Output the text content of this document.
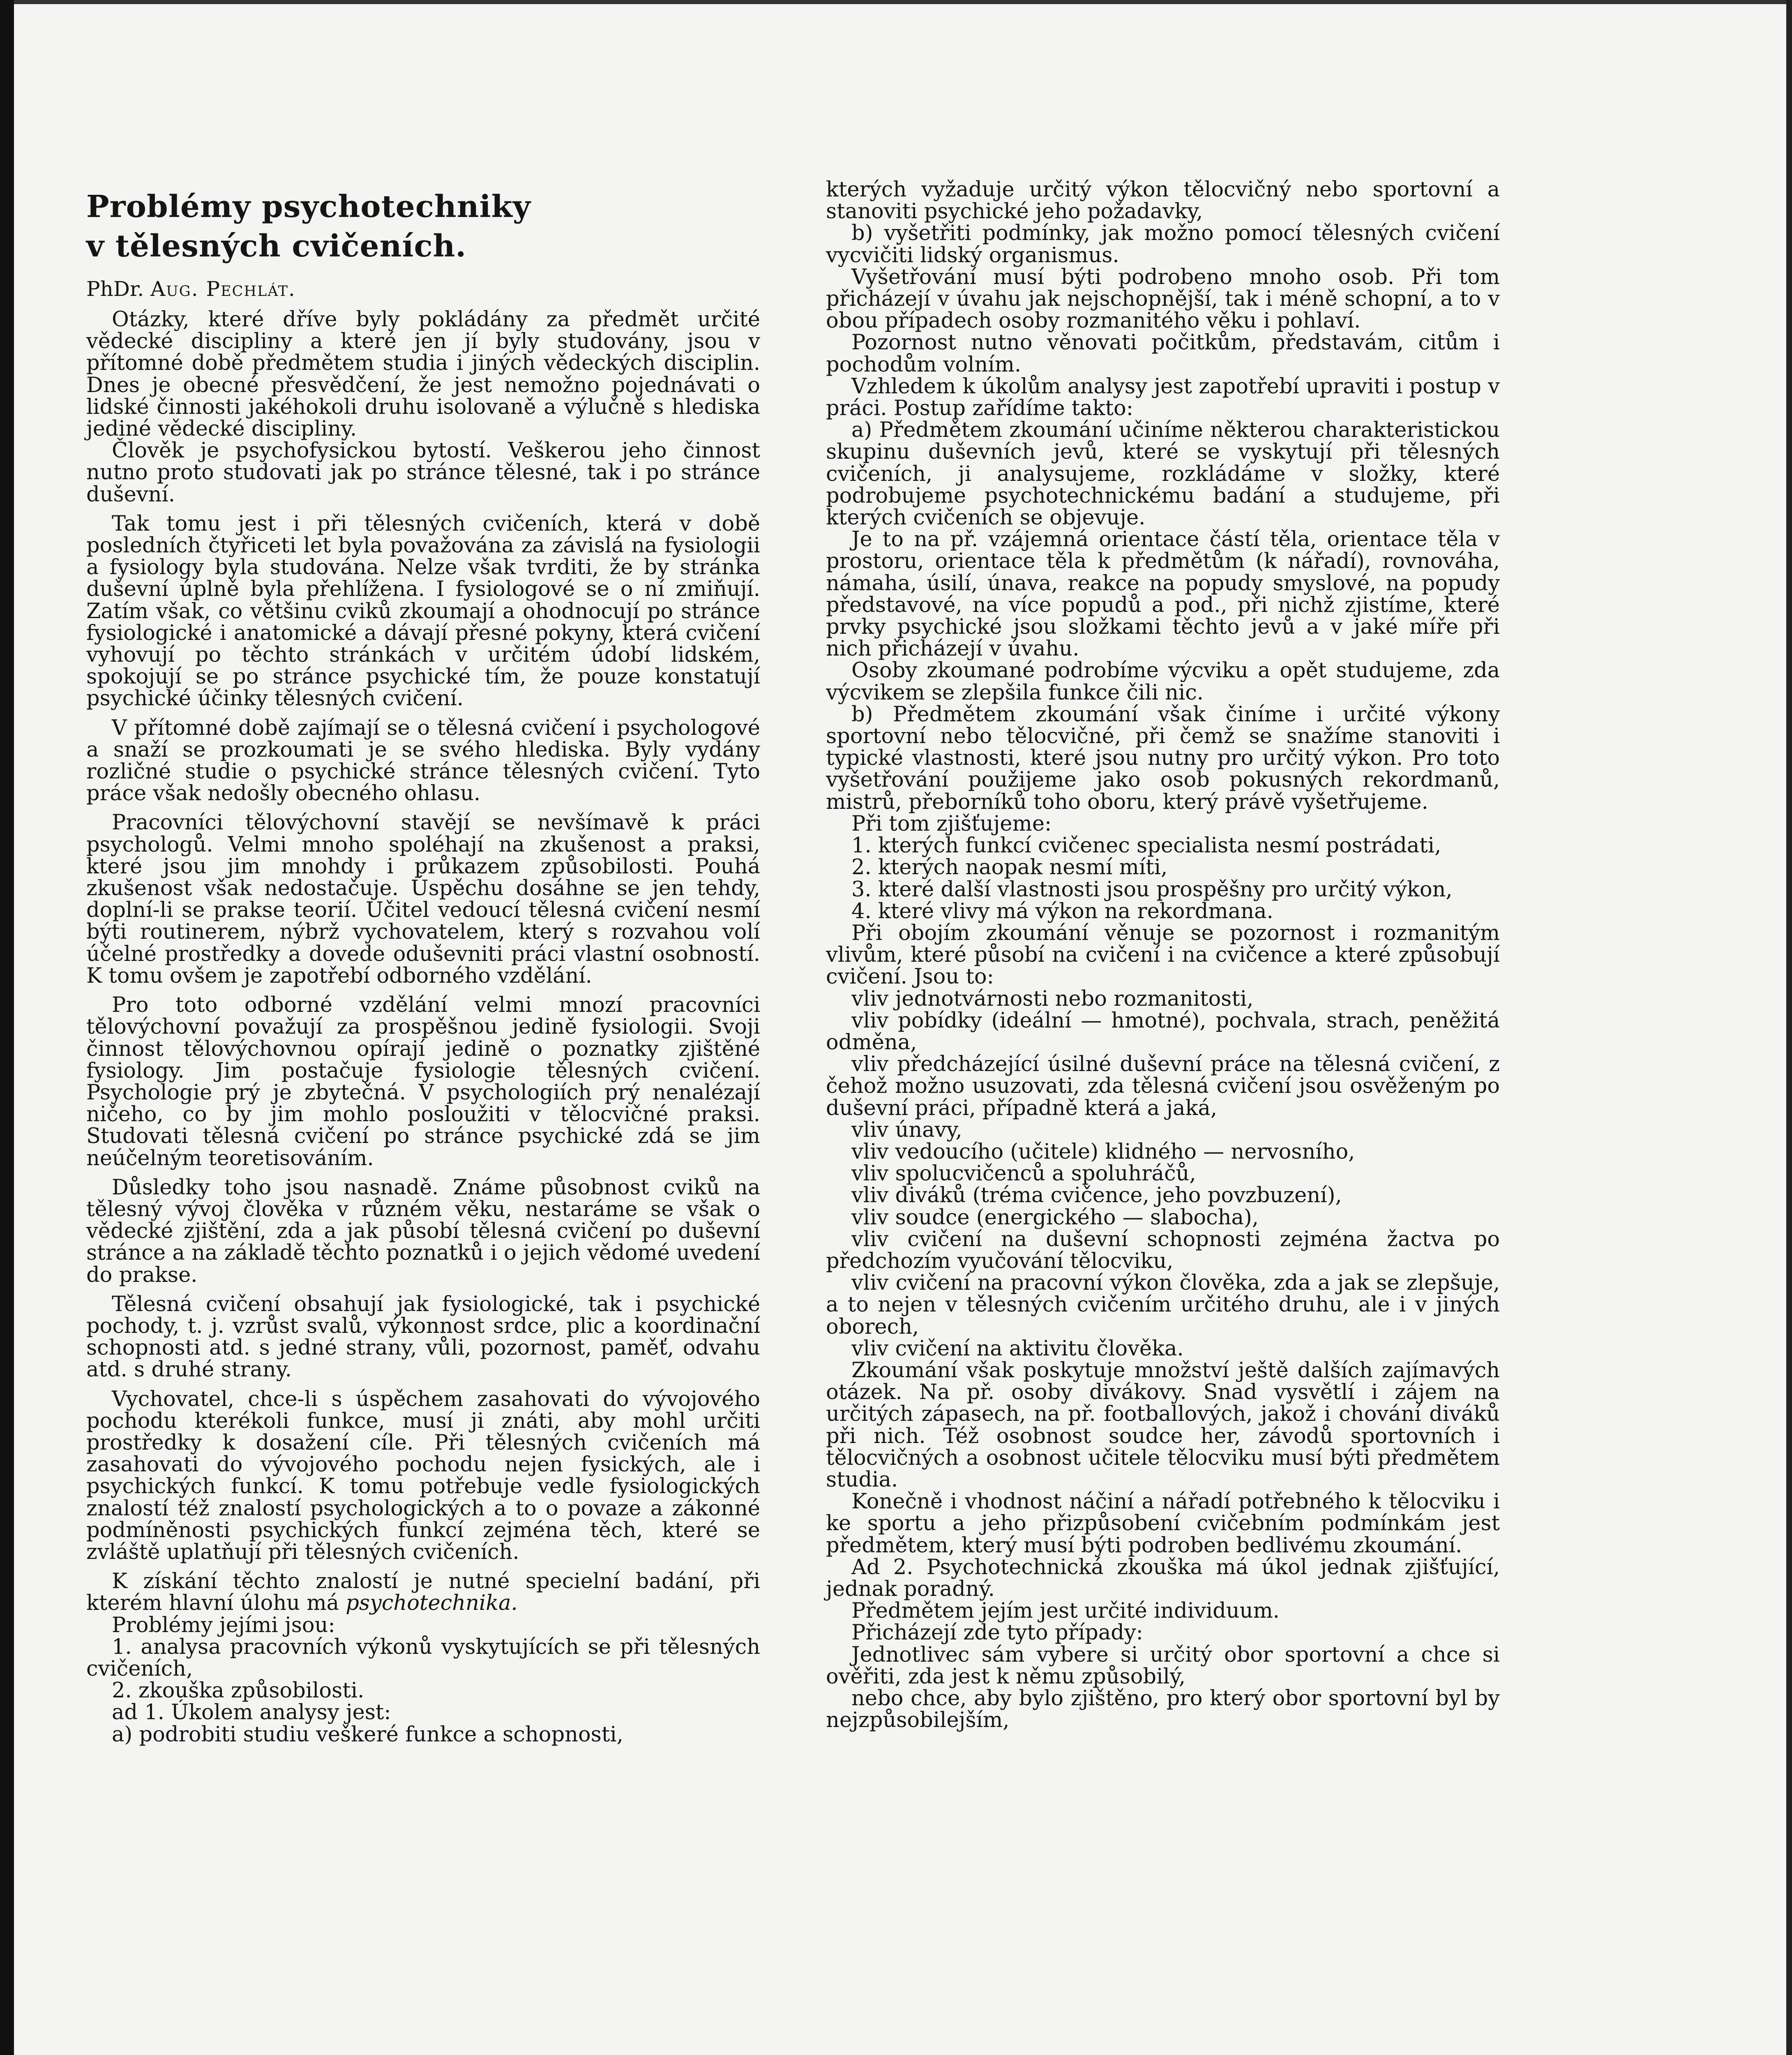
Problémy psychotechniky
v tělesných cvičeních.
PhDr. Aug. Pechlát.

Otázky, které dříve byly pokládány za předmět určité vědecké discipliny a které jen jí byly studovány, jsou v přítomné době předmětem studia i jiných vědeckých disciplin. Dnes je obecné přesvědčení, že jest nemožno pojednávati o lidské činnosti jakéhokoli druhu isolovaně a výlučně s hlediska jediné vědecké discipliny.

Člověk je psychofysickou bytostí. Veškerou jeho činnost nutno proto studovati jak po stránce tělesné, tak i po stránce duševní.

Tak tomu jest i při tělesných cvičeních, která v době posledních čtyřiceti let byla považována za závislá na fysiologii a fysiology byla studována. Nelze však tvrditi, že by stránka duševní úplně byla přehlížena. I fysiologové se o ní zmiňují. Zatím však, co většinu cviků zkoumají a ohodnocují po stránce fysiologické i anatomické a dávají přesné pokyny, která cvičení vyhovují po těchto stránkách v určitém údobí lidském, spokojují se po stránce psychické tím, že pouze konstatují psychické účinky tělesných cvičení.

V přítomné době zajímají se o tělesná cvičení i psychologové a snaží se prozkoumati je se svého hlediska. Byly vydány rozličné studie o psychické stránce tělesných cvičení. Tyto práce však nedošly obecného ohlasu.

Pracovníci tělovýchovní stavějí se nevšímavě k práci psychologů. Velmi mnoho spoléhají na zkušenost a praksi, které jsou jim mnohdy i průkazem způsobilosti. Pouhá zkušenost však nedostačuje. Úspěchu dosáhne se jen tehdy, doplní-li se prakse teorií. Učitel vedoucí tělesná cvičení nesmí býti routinerem, nýbrž vychovatelem, který s rozvahou volí účelné prostředky a dovede oduševniti práci vlastní osobností. K tomu ovšem je zapotřebí odborného vzdělání.

Pro toto odborné vzdělání velmi mnozí pracovníci tělovýchovní považují za prospěšnou jedině fysiologii. Svoji činnost tělovýchovnou opírají jedině o poznatky zjištěné fysiology. Jim postačuje fysiologie tělesných cvičení. Psychologie prý je zbytečná. V psychologiích prý nenalézají ničeho, co by jim mohlo posloužiti v tělocvičné praksi. Studovati tělesná cvičení po stránce psychické zdá se jim neúčelným teoretisováním.

Důsledky toho jsou nasnadě. Známe působnost cviků na tělesný vývoj člověka v různém věku, nestaráme se však o vědecké zjištění, zda a jak působí tělesná cvičení po duševní stránce a na základě těchto poznatků i o jejich vědomé uvedení do prakse.

Tělesná cvičení obsahují jak fysiologické, tak i psychické pochody, t. j. vzrůst svalů, výkonnost srdce, plic a koordinační schopnosti atd. s jedné strany, vůli, pozornost, paměť, odvahu atd. s druhé strany.

Vychovatel, chce-li s úspěchem zasahovati do vývojového pochodu kterékoli funkce, musí ji znáti, aby mohl určiti prostředky k dosažení cíle. Při tělesných cvičeních má zasahovati do vývojového pochodu nejen fysických, ale i psychických funkcí. K tomu potřebuje vedle fysiologických znalostí též znalostí psychologických a to o povaze a zákonné podmíněnosti psychických funkcí zejména těch, které se zvláště uplatňují při tělesných cvičeních.

K získání těchto znalostí je nutné specielní badání, při kterém hlavní úlohu má psychotechnika.

Problémy jejími jsou:

1. analysa pracovních výkonů vyskytujících se při tělesných cvičeních,

2. zkouška způsobilosti.

ad 1. Úkolem analysy jest:

a) podrobiti studiu veškeré funkce a schopnosti,

kterých vyžaduje určitý výkon tělocvičný nebo sportovní a stanoviti psychické jeho požadavky,

b) vyšetřiti podmínky, jak možno pomocí tělesných cvičení vycvičiti lidský organismus.

Vyšetřování musí býti podrobeno mnoho osob. Při tom přicházejí v úvahu jak nejschopnější, tak i méně schopní, a to v obou případech osoby rozmanitého věku i pohlaví.

Pozornost nutno věnovati počitkům, představám, citům i pochodům volním.

Vzhledem k úkolům analysy jest zapotřebí upraviti i postup v práci. Postup zařídíme takto:

a) Předmětem zkoumání učiníme některou charakteristickou skupinu duševních jevů, které se vyskytují při tělesných cvičeních, ji analysujeme, rozkládáme v složky, které podrobujeme psychotechnickému badání a studujeme, při kterých cvičeních se objevuje.

Je to na př. vzájemná orientace částí těla, orientace těla v prostoru, orientace těla k předmětům (k nářadí), rovnováha, námaha, úsilí, únava, reakce na popudy smyslové, na popudy představové, na více popudů a pod., při nichž zjistíme, které prvky psychické jsou složkami těchto jevů a v jaké míře při nich přicházejí v úvahu.

Osoby zkoumané podrobíme výcviku a opět studujeme, zda výcvikem se zlepšila funkce čili nic.

b) Předmětem zkoumání však činíme i určité výkony sportovní nebo tělocvičné, při čemž se snažíme stanoviti i typické vlastnosti, které jsou nutny pro určitý výkon. Pro toto vyšetřování použijeme jako osob pokusných rekordmanů, mistrů, přeborníků toho oboru, který právě vyšetřujeme.

Při tom zjišťujeme:

1. kterých funkcí cvičenec specialista nesmí postrádati,

2. kterých naopak nesmí míti,

3. které další vlastnosti jsou prospěšny pro určitý výkon,

4. které vlivy má výkon na rekordmana.

Při obojím zkoumání věnuje se pozornost i rozmanitým vlivům, které působí na cvičení i na cvičence a které způsobují cvičení. Jsou to:

vliv jednotvárnosti nebo rozmanitosti,

vliv pobídky (ideální — hmotné), pochvala, strach, peněžitá odměna,

vliv předcházející úsilné duševní práce na tělesná cvičení, z čehož možno usuzovati, zda tělesná cvičení jsou osvěženým po duševní práci, případně která a jaká,

vliv únavy,

vliv vedoucího (učitele) klidného — nervosního,

vliv spolucvičenců a spoluhráčů,

vliv diváků (tréma cvičence, jeho povzbuzení),

vliv soudce (energického — slabocha),

vliv cvičení na duševní schopnosti zejména žactva po předchozím vyučování tělocviku,

vliv cvičení na pracovní výkon člověka, zda a jak se zlepšuje, a to nejen v tělesných cvičením určitého druhu, ale i v jiných oborech,

vliv cvičení na aktivitu člověka.

Zkoumání však poskytuje množství ještě dalších zajímavých otázek. Na př. osoby divákovy. Snad vysvětlí i zájem na určitých zápasech, na př. footballových, jakož i chování diváků při nich. Též osobnost soudce her, závodů sportovních i tělocvičných a osobnost učitele tělocviku musí býti předmětem studia.

Konečně i vhodnost náčiní a nářadí potřebného k tělocviku i ke sportu a jeho přizpůsobení cvičebním podmínkám jest předmětem, který musí býti podroben bedlivému zkoumání.

Ad 2. Psychotechnická zkouška má úkol jednak zjišťující, jednak poradný.

Předmětem jejím jest určité individuum.

Přicházejí zde tyto případy:

Jednotlivec sám vybere si určitý obor sportovní a chce si ověřiti, zda jest k němu způsobilý,

nebo chce, aby bylo zjištěno, pro který obor sportovní byl by nejzpůsobilejším,
